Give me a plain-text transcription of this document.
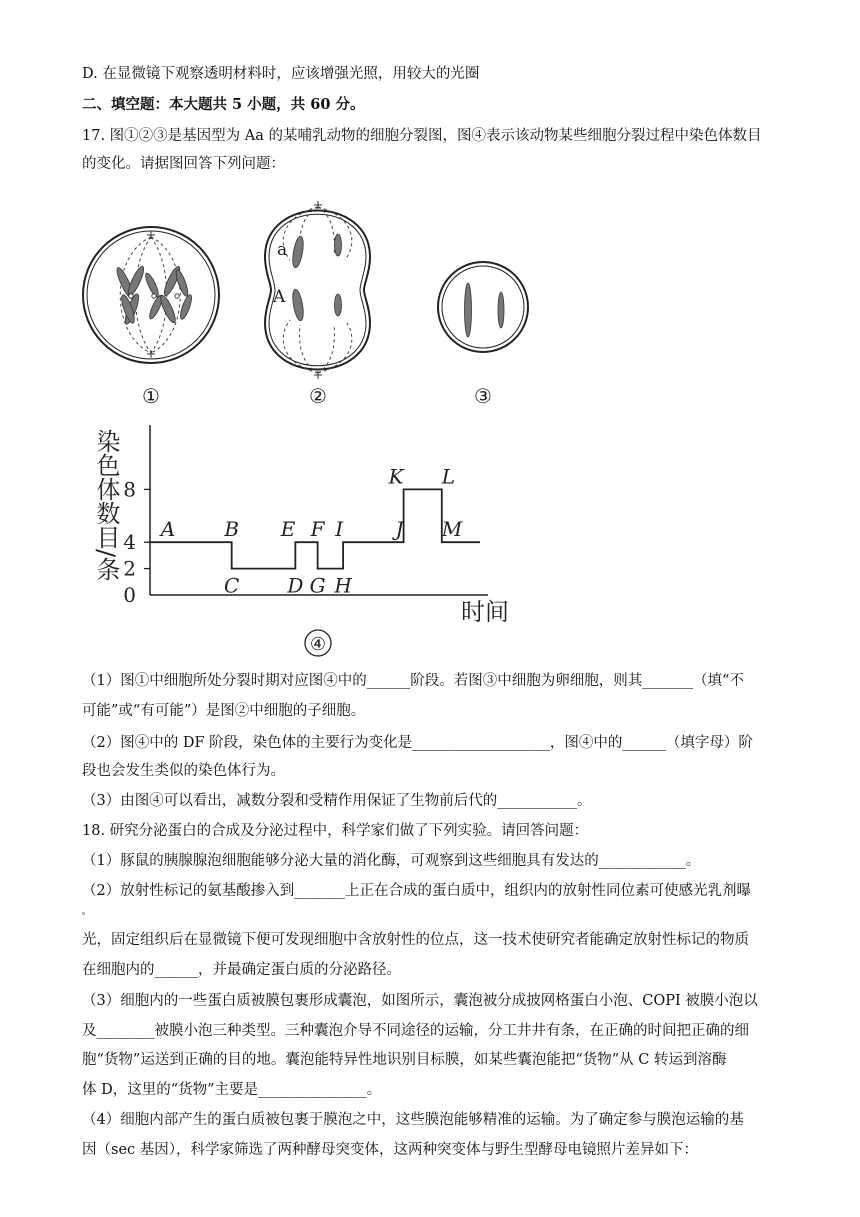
D. 在显微镜下观察透明材料时，应该增强光照，用较大的光圈
二、填空题：本大题共 5 小题，共 60 分。
17. 图①②③是基因型为 Aa 的某哺乳动物的细胞分裂图，图④表示该动物某些细胞分裂过程中染色体数目
的变化。请据图回答下列问题：
①
a
A
②	③
染色体数目/条
0
2
4
8
A B
C D
E F
G H
I	J
K L
M
时间
④
（1）图①中细胞所处分裂时期对应图④中的______阶段。若图③中细胞为卵细胞，则其_______（填“不
可能”或“有可能”）是图②中细胞的子细胞。
（2）图④中的 DF 阶段，染色体的主要行为变化是___________________，图④中的______（填字母）阶
段也会发生类似的染色体行为。
（3）由图④可以看出，减数分裂和受精作用保证了生物前后代的___________。
18. 研究分泌蛋白的合成及分泌过程中，科学家们做了下列实验。请回答问题：
（1）豚鼠的胰腺腺泡细胞能够分泌大量的消化酶，可观察到这些细胞具有发达的____________。
（2）放射性标记的氨基酸掺入到_______上正在合成的蛋白质中，组织内的放射性同位素可使感光乳剂曝
光，固定组织后在显微镜下便可发现细胞中含放射性的位点，这一技术使研究者能确定放射性标记的物质
在细胞内的______，并最确定蛋白质的分泌路径。
（3）细胞内的一些蛋白质被膜包裹形成囊泡，如图所示，囊泡被分成披网格蛋白小泡、COPI 被膜小泡以
及________被膜小泡三种类型。三种囊泡介导不同途径的运输，分工井井有条，在正确的时间把正确的细
胞“货物”运送到正确的目的地。囊泡能特异性地识别目标膜，如某些囊泡能把“货物”从 C 转运到溶酶
体 D，这里的“货物”主要是_______________。
（4）细胞内部产生的蛋白质被包裹于膜泡之中，这些膜泡能够精准的运输。为了确定参与膜泡运输的基
因（sec 基因），科学家筛选了两种酵母突变体，这两种突变体与野生型酵母电镜照片差异如下：
